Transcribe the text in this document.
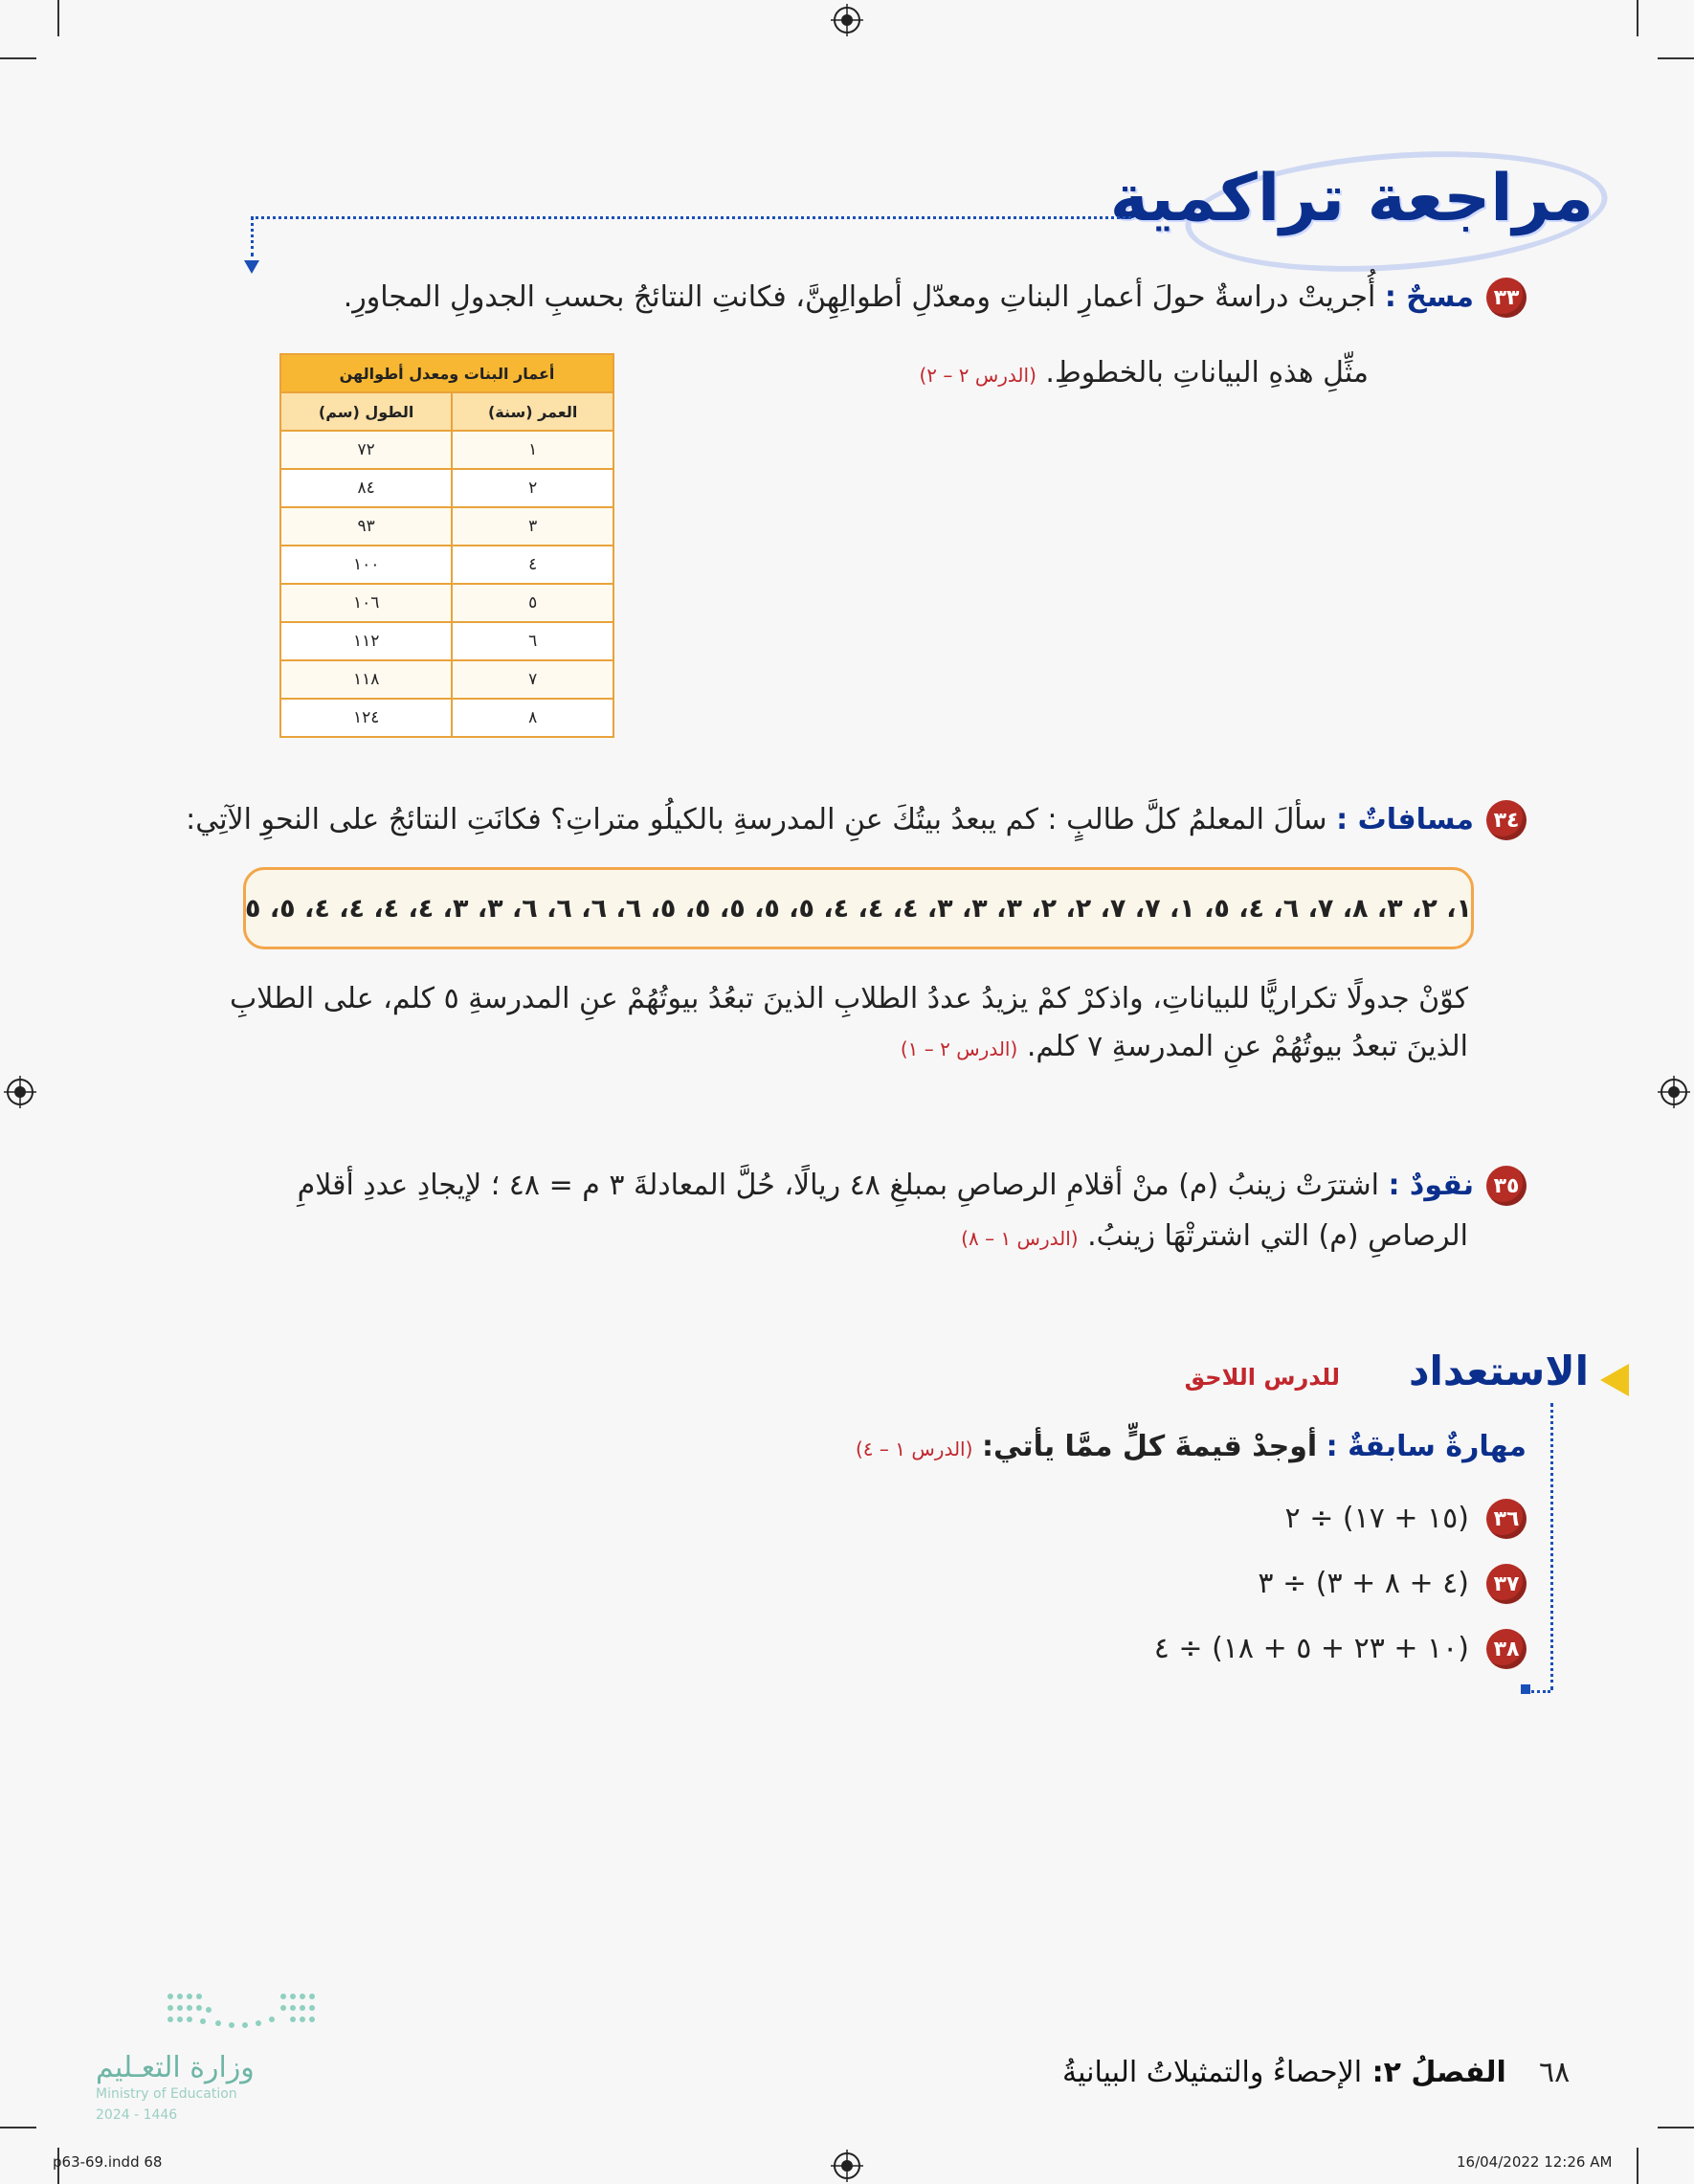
مراجعة تراكمية
٣٣
مسحٌ : أُجريتْ دراسةٌ حولَ أعمارِ البناتِ ومعدّلِ أطوالِهِنَّ، فكانتِ النتائجُ بحسبِ الجدولِ المجاورِ.
مثِّلِ هذهِ البياناتِ بالخطوطِ. (الدرس ٢ – ٢)
أعمار البنات ومعدل أطوالهن	
العمر (سنة)	الطول (سم)
١	٧٢
٢	٨٤
٣	٩٣
٤	١٠٠
٥	١٠٦
٦	١١٢
٧	١١٨
٨	١٢٤
٣٤
مسافاتٌ : سألَ المعلمُ كلَّ طالبٍ : كم يبعدُ بيتُكَ عنِ المدرسةِ بالكيلُو متراتِ؟ فكانَتِ النتائجُ على النحوِ الآتِي:
١، ٢، ٣، ٨، ٧، ٦، ٤، ٥، ١، ٧، ٧، ٢، ٢، ٣، ٣، ٣، ٤، ٤، ٤، ٥، ٥، ٥، ٥، ٥، ٦، ٦، ٦، ٦، ٣، ٣، ٤، ٤، ٤، ٤، ٥، ٥
كوّنْ جدولًا تكراريًّا للبياناتِ، واذكرْ كمْ يزيدُ عددُ الطلابِ الذينَ تبعُدُ بيوتُهُمْ عنِ المدرسةِ ٥ كلم، على الطلابِ
الذينَ تبعدُ بيوتُهُمْ عنِ المدرسةِ ٧ كلم. (الدرس ٢ – ١)
٣٥
نقودٌ : اشترَتْ زينبُ (م) منْ أقلامِ الرصاصِ بمبلغِ ٤٨ ريالًا، حُلَّ المعادلةَ ٣ م = ٤٨ ؛ لإيجادِ عددِ أقلامِ
الرصاصِ (م) التي اشترتْهَا زينبُ. (الدرس ١ – ٨)
الاستعداد
للدرس اللاحق
مهارةٌ سابقةٌ : أوجدْ قيمةَ كلٍّ ممَّا يأتي: (الدرس ١ – ٤)
٣٦
(١٥ + ١٧) ÷ ٢
٣٧
(٤ + ٨ + ٣) ÷ ٣
٣٨
(١٠ + ٢٣ + ٥ + ١٨) ÷ ٤
وزارة التعـليم
Ministry of Education
2024 - 1446
الفصلُ ٢: الإحصاءُ والتمثيلاتُ البيانيةُ	٦٨
p63-69.indd 68	16/04/2022 12:26 AM
